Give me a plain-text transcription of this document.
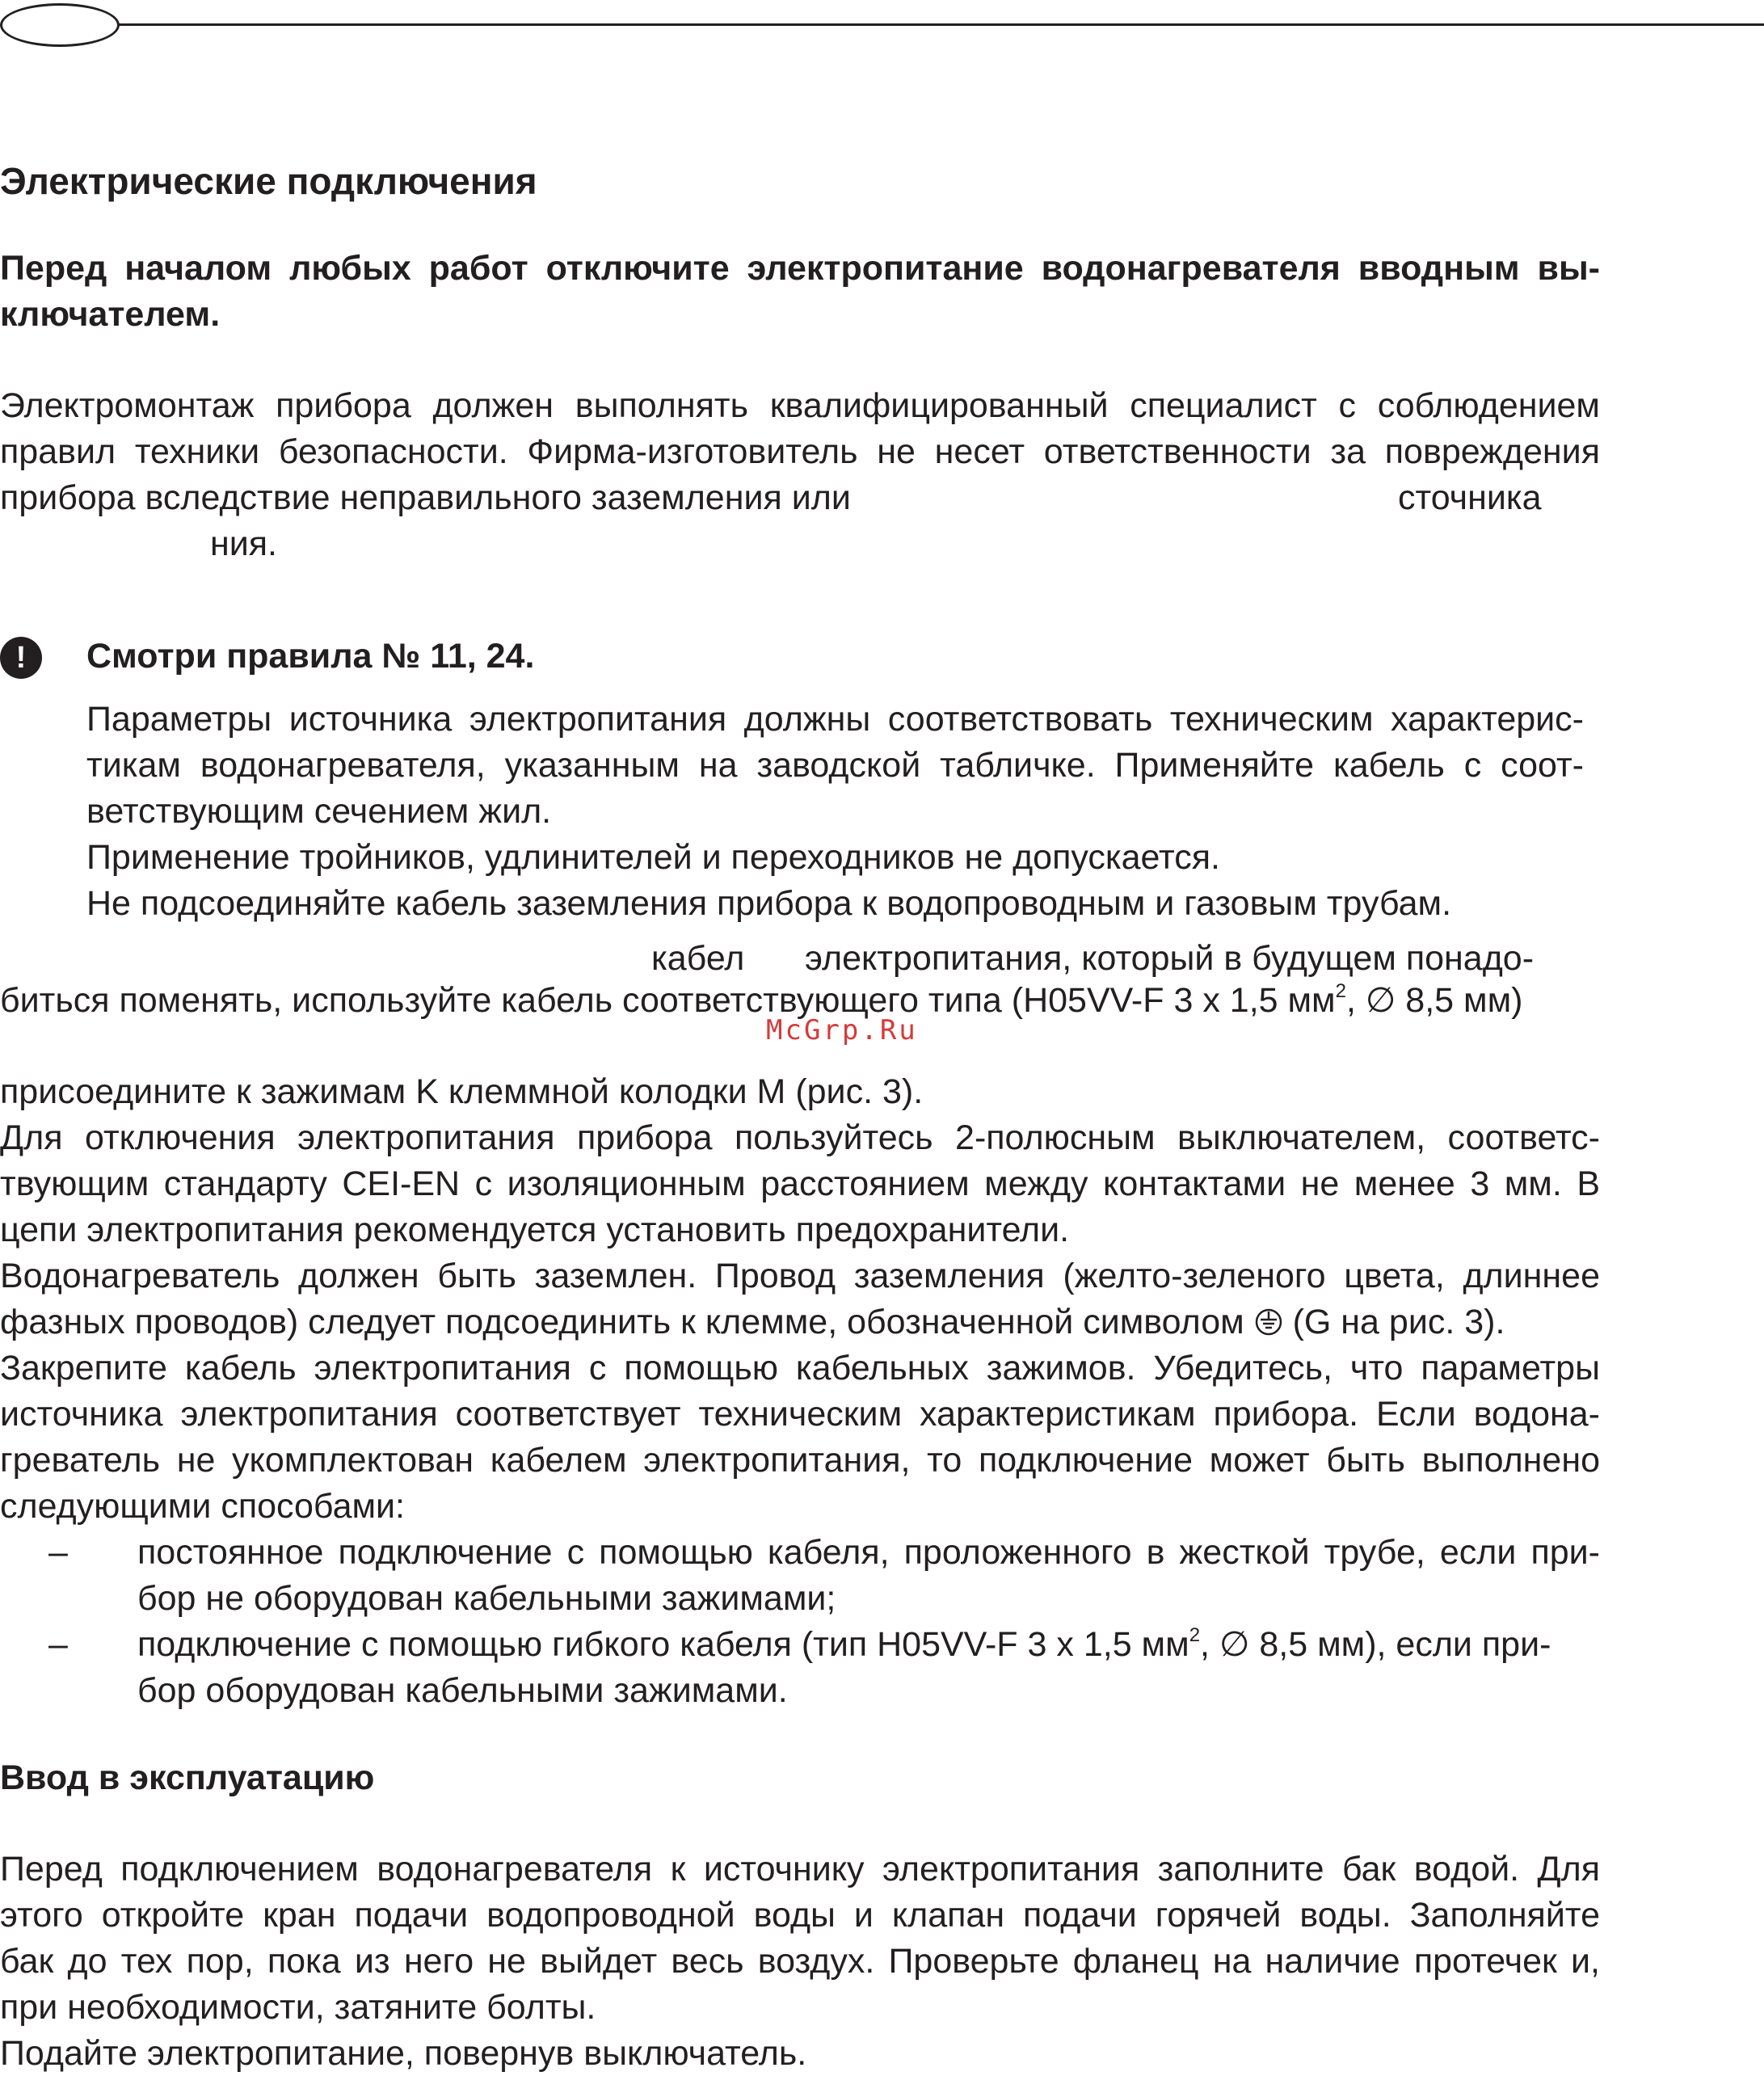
Электрические подключения
Перед началом любых работ отключите электропитание водонагревателя вводным вы-
ключателем.
Электромонтаж прибора должен выполнять квалифицированный специалист с соблюдением
правил техники безопасности. Фирма-изготовитель не несет ответственности за повреждения
прибора вследствие неправильного заземления или	сточника
ния.
!	Смотри правила № 11, 24.
Параметры источника электропитания должны соответствовать техническим характерис-
тикам водонагревателя, указанным на заводской табличке. Применяйте кабель с соот-
ветствующим сечением жил.
Применение тройников, удлинителей и переходников не допускается.
Не подсоединяйте кабель заземления прибора к водопроводным и газовым трубам.
кабел электропитания, который в будущем понадо-
биться поменять, используйте кабель соответствующего типа (H05VV-F 3 x 1,5 $мм^2$, ∅ 8,5 мм)
McGrp.Ru
присоедините к зажимам K клеммной колодки M (рис. 3).
Для отключения электропитания прибора пользуйтесь 2-полюсным выключателем, соответс-
твующим стандарту CEI-EN с изоляционным расстоянием между контактами не менее 3 мм. В
цепи электропитания рекомендуется установить предохранители.
Водонагреватель должен быть заземлен. Провод заземления (желто-зеленого цвета, длиннее
фазных проводов) следует подсоединить к клемме, обозначенной символом (G на рис. 3).
Закрепите кабель электропитания с помощью кабельных зажимов. Убедитесь, что параметры
источника электропитания соответствует техническим характеристикам прибора. Если водона-
греватель не укомплектован кабелем электропитания, то подключение может быть выполнено
следующими способами:
– постоянное подключение с помощью кабеля, проложенного в жесткой трубе, если при-
бор не оборудован кабельными зажимами;
– подключение с помощью гибкого кабеля (тип H05VV-F 3 x 1,5 $мм^2$, ∅ 8,5 мм), если при-
бор оборудован кабельными зажимами.
Ввод в эксплуатацию
Перед подключением водонагревателя к источнику электропитания заполните бак водой. Для
этого откройте кран подачи водопроводной воды и клапан подачи горячей воды. Заполняйте
бак до тех пор, пока из него не выйдет весь воздух. Проверьте фланец на наличие протечек и,
при необходимости, затяните болты.
Подайте электропитание, повернув выключатель.
